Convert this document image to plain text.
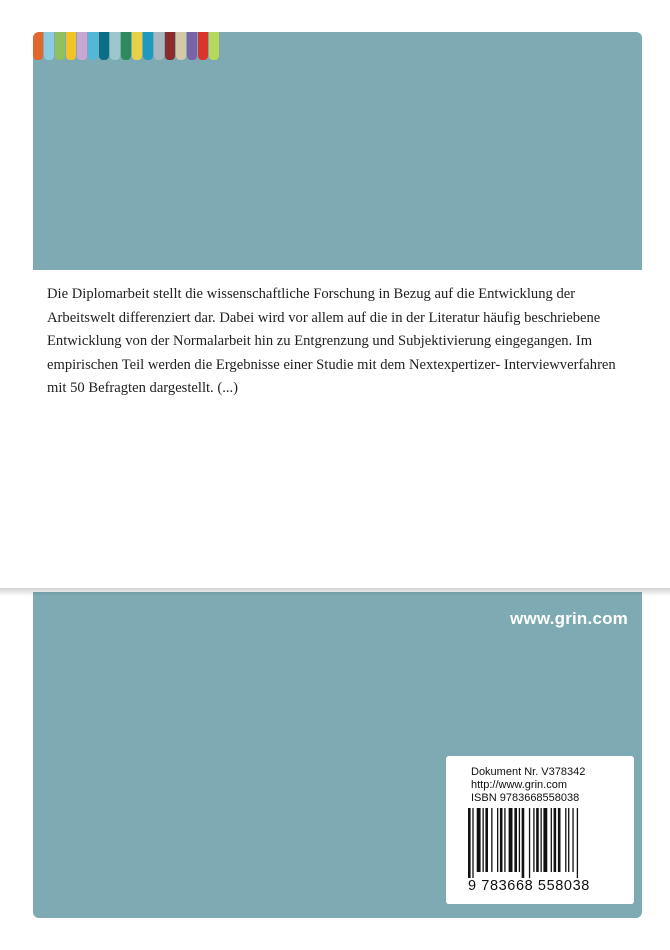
Die Diplomarbeit stellt die wissenschaftliche Forschung in Bezug auf die Entwicklung der Arbeitswelt differenziert dar. Dabei wird vor allem auf die in der Literatur häufig beschriebene Entwicklung von der Normalarbeit hin zu Entgrenzung und Subjektivierung eingegangen. Im empirischen Teil werden die Ergebnisse einer Studie mit dem Nextexpertizer- Interviewverfahren mit 50 Befragten dargestellt. (...)

www.grin.com
Dokument Nr. V378342
http://www.grin.com
ISBN 9783668558038
9 783668 558038
